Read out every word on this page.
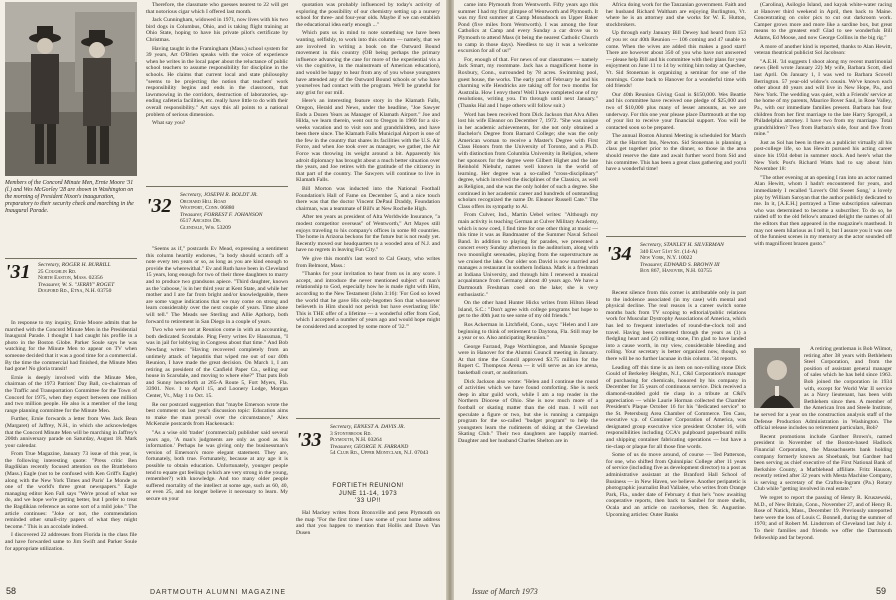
Members of the Concord Minute Men, Ernie Moore '31 (l.) and Wes McGorley '28 are shown in Washington on the morning of President Nixon's inauguration, preparatory to their security check and marching in the Inaugural Parade.
'31 Secretary, ROGER H. BURRILL
25 Coughlin Rd.
North Easton, Mass. 02356
Treasurer, W. S. "JERRY" ROGET
Dogford Rd., Etna, N.H. 03750

In response to my inquiry, Ernie Moore admits that he marched with the Concord Minute Men in the Presidential Inaugural Parade. I thought I had caught his profile in a photo in the Boston Globe. Parker Soule says he was watching for the Minute Men to appear on TV when someone decided that it was a good time for a commercial. By the time the commercial had finished, the Minute Men had gone! No gloria transit!

Ernie is deeply involved with the Minute Men, chairman of the 1973 Patriots' Day Ball, co-chairman of the Traffic and Transportation Committee for the Town of Concord for 1975, when they expect between one million and two million people. He also is a member of the long range planning committee for the Minute Men.

Further, Ernie forwards a letter from Wes Jack Bean (Margaret) of Jaffrey, N.H., in which she acknowledges that the Concord Minute Men will be marching in Jaffrey's 200th anniversary parade on Saturday, August 18. Mark your calendar.

From True Magazine, January 73 issue of this year, is the following interesting quote: "Press critic Ben Bagdikian recently focused attention on the Brattleboro (Mass.) Eagle (not to be confused with Ken Griff's Eagle) along with the New York Times and Paris' Le Monde as one of the world's three great newspapers." Eagle managing editor Ken Fall says "We're proud of what we do, and we hope we're getting better, but I prefer to treat the Bagdikian reference as some sort of a mild joke." The article continues: "Joke or not, the commendation reminded other small-city papers of what they might become." This is an accolade indeed.

I discovered 22 addresses from Florida in the class file and have forwarded same to Jim Swift and Parker Soule for appropriate utilization.

Therefore, the classmate who guesses nearest to 22 will get that notorious cigar which I offered last month.

Jack Cunningham, widowed in 1971, now lives with his two bird dogs in Columbus, Ohio, and is taking flight training at Ohio State, hoping to have his private pilot's certificate by Christmas.

Having taught in the Framingham (Mass.) school system for 39 years, Art O'Brien speaks with the voice of experience when he writes in the local paper about the reluctance of public school teachers to assume responsibility for discipline in the schools. He claims that current local and state philosophy "seems to be projecting the notion that teachers' work responsibility begins and ends in the classroom, that lawnmowing in the corridors, destruction of laboratories, up-ending cafeteria facilities, etc. really have little to do with their overall responsibility." Art says this all points to a national problem of serious dimension.

What say you?

'32 Secretary, JOSEPH R. BOLDT JR.
Orchard Hill Road
Westport, Conn. 06880
Treasurer, FORREST F. JOHANSON
6517 Arcadia Dr.
Glendale, Wis. 53209

"Seems as if," postcards Ev Mead, expressing a sentiment this column heartily endorses, "a body should scratch off a note every ten years or so, as long as you are kind enough to provide the wherewithal." Ev and Ruth have been in Cleveland 15 years, long enough for two of their three daughters to marry and to produce two grandsons apiece. "Third daughter, known as the 'caboose,' is in her third year at Kent State, and while her mother and I are far from bright and/or knowledgeable, there are some vague indications that we may come on strong and learn considerably over the next couple of years. Time alone will tell." The Meads see Sterling and Allie Apthorp, both forward to retirement in San Diego in a couple of years.

Two who were not at Reunion come in with an accounting, both dedicated Scotsdale. Ping Ferry writes Ev Haussman, "I was in jail for lobbying in Congress about that time." And Bob Newfang writes: "Having recovered completely from an untimely attack of hepatitis that wiped me out of our 40th Reunion, I have made the great decision. On March 1, I am retiring as president of the Canfield Paper Co., selling our house in Scarsdale, and moving to where else?" That puts Bob and Sunny henceforth at 265-A Route 5, Fort Myers, Fla. 33901. Nov. 1 to April 15, and Loonery Lodge, Morgan Center, Vt., May 1 to Oct. 15.

Re our postcard suggestion that "maybe Emerson wrote the best comment on last year's discussion topic: Education aims to make the man prevail over the circumstance," Alex McKenzie postcards from Hackensack:

"As a wise old 'trader' (commercial) publisher said several years ago, 'A man's judgments are only as good as his information.' Perhaps he was giving only the businessman's version of Emerson's more elegant statement. They are, fortunately, both true. Fortunately, because at any age it is possible to obtain education. Unfortunately, younger people tend to equate gut feelings (which are very strong in the young, remember?) with knowledge. And too many older people suffered mortality of the intellect at some age, such as 60, 40, or even 25, and no longer believe it necessary to learn. My secure on your

quotation was probably influenced by today's activity of exploring the possibility of our chemistry setting up a nursery school for three- and four-year olds. Maybe if we can establish the educational idea early enough ..."

Which puts us in mind to note something we have been wanting, selfishly, to work into this column — namely, that we are involved in writing a book on the Outward Bound movement in this country (OB being perhaps the primary influence advancing the case for more of the experiential vis a vis the cognitive, in the mainstream of American education), and would be happy to hear from any of you whose youngsters have attended any of the Outward Bound schools or who have yourselves had contact with the program. We'll be grateful for any grist for our mill.

Here's an interesting feature story in the Klamath Falls, Oregon, Herald and News, under the headline, "Joe Sawyer Ends a Dozen Years as Manager of Klamath Airport." Joe and Hilda, we learn therein, went out to Oregon in 1960 for a six-weeks vacation and to visit son and grandchildren, and have been there since. The Klamath Falls Municipal Airport is one of the few in the country that shares its facilities with the U.S. Air Force, and when Joe took over as manager, we gather, the Air Force was throwing its weight around a bit. Apparently his adroit diplomacy has brought about a much better situation over the years, and Joe retires with the gratitude of the citizenry in that part of the country. The Sawyers will continue to live in Klamath Falls.

Bill Morton was inducted into the National Football Foundation's Hall of Fame on December 5, and a nice touch there was that the doctor Vincent DePaul Draddy, Foundation chairman, was a teammate of Bill's at New Rochelle High.

After ten years as president of Alta Worldwide Insurance, "a modest competitor overseas" of Wentworth," Art Mayes still enjoys traveling to his company's offices in some 80 countries. The home in Arizona beckons for the future but is not ready yet. Recently moved our headquarters to a wooded area of N.J. and have no regrets in leaving Fun City."

We give this month's last word to Cal Geary, who writes from Belmont, Mass.:

"Thanks for your invitation to hear from us in any score. I accept, and introduce the never mentioned subject of man's relationship to God, especially how he is made right with Him, according to the New Testament (John 3:16): 'For God so loved the world that he gave His only-begotten Son that whosoever believeth in Him should not perish but have everlasting life.' This is THE offer of a lifetime — a wonderful offer from God, which I accepted a number of years ago and would hope might be considered and accepted by some more of '32.'"

'33
Secretary, ERNEST A. DAVIS JR.
3 Stonybrook Rd.
Plymouth, N.H. 03264
Treasurer, GEORGE N. FARRAND
54 Club Rd., Upper Montclair, N.J. 07043
FORTIETH REUNION!
JUNE 11-14, 1973
'33 UP!!

Hal Mackey writes from Bronxville and pens Plymouth on the map "For the first time I saw some of your home address and that you happen to mention that Hollis and Dawn Van Dusen

58	DARTMOUTH ALUMNI MAGAZINE

came into Plymouth from Wentworth. Fifty years ago this summer I had my first glimpse of Wentworth and Plymouth. It was my first summer at Camp Monadnock on Upper Baker Pond (five miles from Wentworth). I was among the four Catholics at Camp and every Sunday a car drove us to Plymouth to attend Mass (it being the nearest Catholic Church to camp in those days). Needless to say it was a welcome excursion for all of us!"

For, enough of that. For news of our classmates — namely Jack Smart, my roommate. Jack has a magnificent home in Roxbury, Conn., surrounded by 78 acres. Swimming pool, guest house, the works. The early part of February he and his charming wife Hendricks are taking off for two months for Australia. How I envy them! Well I have completed one of my resolutions, writing you. I'm through until next January." (Thanks Hal and I hope others will follow suit.)

Word has been received from Dick Jackson that Alva Allen lost his wife Eleanor on December 7, 1972. "She was unique in her academic achievements, for she not only obtained a Bachelor's Degree from Barnard College; she was the only American woman to receive a Master's Degree with First Class Honors from the University of Toronto, and a Ph.D. with distinction from Columbia University in Religion, where her sponsors for the degree were Gilbert Highet and the late Reinhold Niebuhr, names well known in the world of learning. Her degree was a so-called "cross-disciplinary" degree, which involved the disciplines of the Classics, as well as Religion, and she was the only holder of such a degree. She continued in her academic career and hundreds of outstanding scholars recognized the name Dr. Eleanor Russell Cate." The Class offers its sympathy to Al.

From Culver, Ind., Martin Uebel writes: "Although my main activity is teaching German at Culver Military Academy, which is now coed, I find time for one other thing at music — this time it was as Bandmaster of the Summer Naval School Band. In addition to playing for parades, we presented a concert every Sunday afternoon in the auditorium, along with two moonlight serenades, playing from the superstructure as we cruised the lake. Our older son David is now married and manages a restaurant in southern Indiana. Mark is a freshman at Indiana University, and through him I renewed a musical acquaintance from Germany almost 40 years ago. We have a Dartmouth Freshman coed on the lake; she is very enthusiastic."

On the other hand Hunter Hicks writes from Hilton Head Island, S.C.: "Don't agree with college programs but hope to get to the 40th just to see some of my old friends."

Ros Ackerman in Litchfield, Conn., says: "Helen and I are beginning to think of retirement to Daytona, Fla. Still may be a year or so. Also anticipating Reunion."

George Farrand, Page Worthington, and Mannie Sprague were in Hanover for the Alumni Council meeting in January. At that time the Council approved $3.75 million for the Rupert C. Thompson Arena — it will serve as an ice arena, basketball court, or auditorium.

Dick Jackson also wrote: "Helen and I continue the round of activities which we have found comforting. She is neck deep in altar guild work, while I am a top reader in the Northern Diocese of Ohio. She is now much more of a football or skating matter than the old man. I will not speculate a figure or two, but she is running a campaign program for the so-called "budget program" to help the youngsters learn the rudiments of skiing at the Cleveland Skating Club." Their two daughters are happily married. Daughter and her husband Charles Shelton are in

Africa doing work for the Tanzanian government. Faith and her husband Richard Waltham are enjoying Burlington, Vt. where he is an attorney and she works for W. E. Hutton, stockbrokers.

Up through early January Bill Dewey had heard from 153 of you re: our 40th Reunion — 106 coming and 47 unable to come. When the wives are added this makes a good start! There are however about 350 of you who have not answered — please help Bill and his committee with their plans for your enjoyment on June 11 to 14 by writing him today at Quechee, Vt. Sid Stoneman is organizing a seminar for one of the mornings. Come back to Hanover for a wonderful time with old friends!

Our 40th Reunion Giving Goal is $150,000. Wes Beattie and his committee have received one pledge of $25,000 and two of $10,000 plus many of lesser amounts, as we are underway. For this one year please place Dartmouth at the top of your list to receive your financial support. You will be contacted soon so be prepared.

The annual Boston Alumni Meeting is scheduled for March 20 at the Harriott Inn, Newton. Sid Stoneman is planning a class get together prior to the dinner, so those in the area should reserve the date and await further word from Sid and his committee. This has been a great class gathering and you'll have a wonderful time!

'34 Secretary, STANLEY H. SILVERMAN
340 East 51st St. (14-A)
New York, N.Y. 10022
Treasurer, EDWARD S. BROWN III
Box 867, Hanover, N.H. 03755

Recent silence from this corner is attributable only in part to the indolence associated (in my case) with mental and physical decline. The real reason is a career switch some months back from TV scoping to editorial/public relations work for Muscular Dystrophy Associations of America, which has led to frequent interludes of round-the-clock toil and travel. Having been contented through the years as (1) a fledgling heart and (2) rolling stone, I'm glad to have landed into a cause worth, in my view, considerable bleeding and rolling. Your secretary is better organized now, though, so there will be no further lacunae in this column. '34 reports.

Leading off this time is an item on non-rolling stone Dick Gould of Berkeley Heights, N.J., C&I Corporation's manager of purchasing for chemicals, honored by his company in December for 35 years of continuous service. Dick received a diamond-studded gold tie clasp in a tribute at C&I's appreciation — while Laurie Horman collected the Chamber President's Plaque October 16 for his "dedicated service" to the St. Petersburg Area Chamber of Commerce. Ten Cass, executive v.p. of Container Corporation of America, was designated group executive vice president October 16, with responsibilities including CCA's pulpboard paperboard mills and shipping container fabricating operations — but have a tie-clasp or plaque for all those fine words.

Some of us do move around, of course — Ted Patterson, for one, who shifted from Quinnipiac College after 11 years of service (including five as development director) to a post as administrative assistant at the Branford Hall School of Business — in New Haven, we believe. Another peripatetic is photographic journalist Bud Vallalee, who writes from Orange Park, Fla., under date of February 4 that he's "now awaiting cooperative reports, then back to Sanibel for more shells, Ocala and an article on racehorses, then St. Augustine. Upcoming articles: Outer Banks

(Carolina), Asilogio Island, and kayak white-water racing at Hanover third weekend in April, then back to Maine. Concentrating on color pics to cut out darkroom work. Camper grows more and more like a sardine box, but great means to the greatest end! Glad to see wonderfuls Bill Adams, Ed Moose, and now George Collins in the big rig."

A more of another kind is reported, thanks to Alan Hewitt, veteran theatrical publicist Sol Jacobson:

"A.E.H. '34 suggests I shoot along my recent matrimonial news (Bell wrote January 22) My wife, Barbara Scott, died last April. On January 1, I was wed to Barbara Scovell Berrington. 57 year-old widow's cousin. We've known each other about 40 years and will live in New Hope, Pa., and New York. The wedding was quiet, with a Friends' service at the home of my parents, Maurice Bover Saul, in Rose Valley, Pa., with our immediate families present. Barbara has four children from her first marriage to the late Harry Sprogell, a Philadelphia attorney. I have two from my marriage. Total grandchildren? Two from Barbara's side, four and five from mine."

Just as Sol has been in there as a publicist virtually all his post-college life, so has Hewitt pursued his acting career since his 1934 debut in summer stock. And here's what the New York Post's Richard Watts had to say about him November 18:

"The other evening at an opening I ran into an actor named Alan Hewitt, whom I hadn't encountered for years, and immediately I recalled 'Lover's Old Sweet Song,' a lovely play by William Saroyan that the author publicly dedicated to me. In it, [A.E.H.] portrayed a Time subscription salesman who was determined to become a subscriber. To do so, he raided off to the old fellow's amazed delight the names of all the editors that then appeared in the magazine's masthead. It may not seem hilarious as I tell it, but I assure you it was one of the funniest scenes in my memory as the actor sounded off with magnificent brazen gusto."

A retiring gentleman is Bob Wilmot, retiring after 38 years with Bethlehem Steel Corporation, and from the position of assistant general manager of sales which he has held since 1963. Bob joined the corporation in 1934 with, except for World War II service as a Navy lieutenant, has been with Bethlehem since then. A member of the American Iron and Steele Institute, he served for a year on the construction analysis staff of the Defense Production Administration in Washington. The official release includes no retirement particulars, Bob?

Recent promotions include Gardner Brown's, named president in November of the Boston-based Hadlock Financial Corporation, the Massachusetts bank holding company formerly known as Shoebank, but Gardner had been serving as chief executive of the First National Bank of Berkshire County, a Marblehead affiliate. Fritz Hauson, recently retired after 32 years with Mesta Machine Company, is serving a secretary of the Crafton-Ingram (Pa.) Rotary Club while "getting involved in real estate."

We regret to report the passing of Henry R. Kruszewski, M.D., of New Britain, Conn., November 27, and of Henry R. Rose of Natick, Mass., December 19. Previously unreported here were the loss of Louis C. Bonnell, during the summer of 1970; and of Robert M. Lindstrom of Cleveland last July 4. To their families and friends we offer the Dartmouth fellowship and far beyond.

Issue of March 1973	59
